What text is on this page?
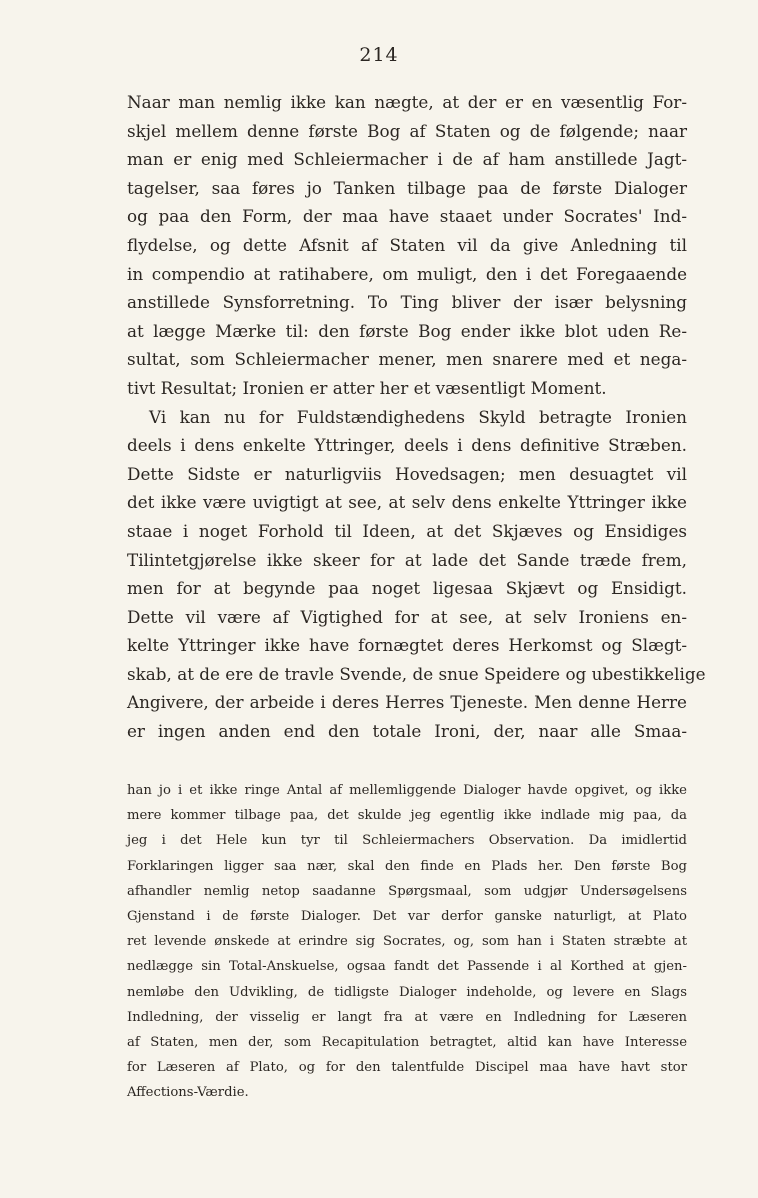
214
Naar man nemlig ikke kan nægte, at der er en væsentlig For-
skjel mellem denne første Bog af Staten og de følgende; naar
man er enig med Schleiermacher i de af ham anstillede Jagt-
tagelser, saa føres jo Tanken tilbage paa de første Dialoger
og paa den Form, der maa have staaet under Socrates' Ind-
flydelse, og dette Afsnit af Staten vil da give Anledning til
in compendio at ratihabere, om muligt, den i det Foregaaende
anstillede Synsforretning. To Ting bliver der især belysning
at lægge Mærke til: den første Bog ender ikke blot uden Re-
sultat, som Schleiermacher mener, men snarere med et nega-
tivt Resultat; Ironien er atter her et væsentligt Moment.
Vi kan nu for Fuldstændighedens Skyld betragte Ironien
deels i dens enkelte Yttringer, deels i dens definitive Stræben.
Dette Sidste er naturligviis Hovedsagen; men desuagtet vil
det ikke være uvigtigt at see, at selv dens enkelte Yttringer ikke
staae i noget Forhold til Ideen, at det Skjæves og Ensidiges
Tilintetgjørelse ikke skeer for at lade det Sande træde frem,
men for at begynde paa noget ligesaa Skjævt og Ensidigt.
Dette vil være af Vigtighed for at see, at selv Ironiens en-
kelte Yttringer ikke have fornægtet deres Herkomst og Slægt-
skab, at de ere de travle Svende, de snue Speidere og ubestikkelige
Angivere, der arbeide i deres Herres Tjeneste. Men denne Herre
er ingen anden end den totale Ironi, der, naar alle Smaa-
han jo i et ikke ringe Antal af mellemliggende Dialoger havde opgivet, og ikke
mere kommer tilbage paa, det skulde jeg egentlig ikke indlade mig paa, da
jeg i det Hele kun tyr til Schleiermachers Observation. Da imidlertid
Forklaringen ligger saa nær, skal den finde en Plads her. Den første Bog
afhandler nemlig netop saadanne Spørgsmaal, som udgjør Undersøgelsens
Gjenstand i de første Dialoger. Det var derfor ganske naturligt, at Plato
ret levende ønskede at erindre sig Socrates, og, som han i Staten stræbte at
nedlægge sin Total-Anskuelse, ogsaa fandt det Passende i al Korthed at gjen-
nemløbe den Udvikling, de tidligste Dialoger indeholde, og levere en Slags
Indledning, der visselig er langt fra at være en Indledning for Læseren
af Staten, men der, som Recapitulation betragtet, altid kan have Interesse
for Læseren af Plato, og for den talentfulde Discipel maa have havt stor
Affections-Værdie.
